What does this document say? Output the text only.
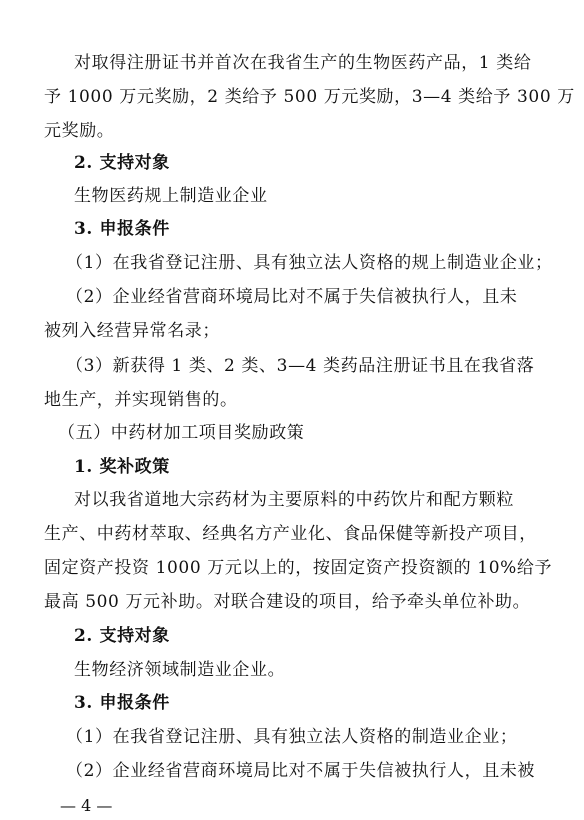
对取得注册证书并首次在我省生产的生物医药产品，1 类给
予 1000 万元奖励，2 类给予 500 万元奖励，3—4 类给予 300 万
元奖励。
2. 支持对象
生物医药规上制造业企业
3. 申报条件
（1）在我省登记注册、具有独立法人资格的规上制造业企业；
（2）企业经省营商环境局比对不属于失信被执行人，且未
被列入经营异常名录；
（3）新获得 1 类、2 类、3—4 类药品注册证书且在我省落
地生产，并实现销售的。
（五）中药材加工项目奖励政策
1. 奖补政策
对以我省道地大宗药材为主要原料的中药饮片和配方颗粒
生产、中药材萃取、经典名方产业化、食品保健等新投产项目，
固定资产投资 1000 万元以上的，按固定资产投资额的 10%给予
最高 500 万元补助。对联合建设的项目，给予牵头单位补助。
2. 支持对象
生物经济领域制造业企业。
3. 申报条件
（1）在我省登记注册、具有独立法人资格的制造业企业；
（2）企业经省营商环境局比对不属于失信被执行人，且未被
— 4 —
